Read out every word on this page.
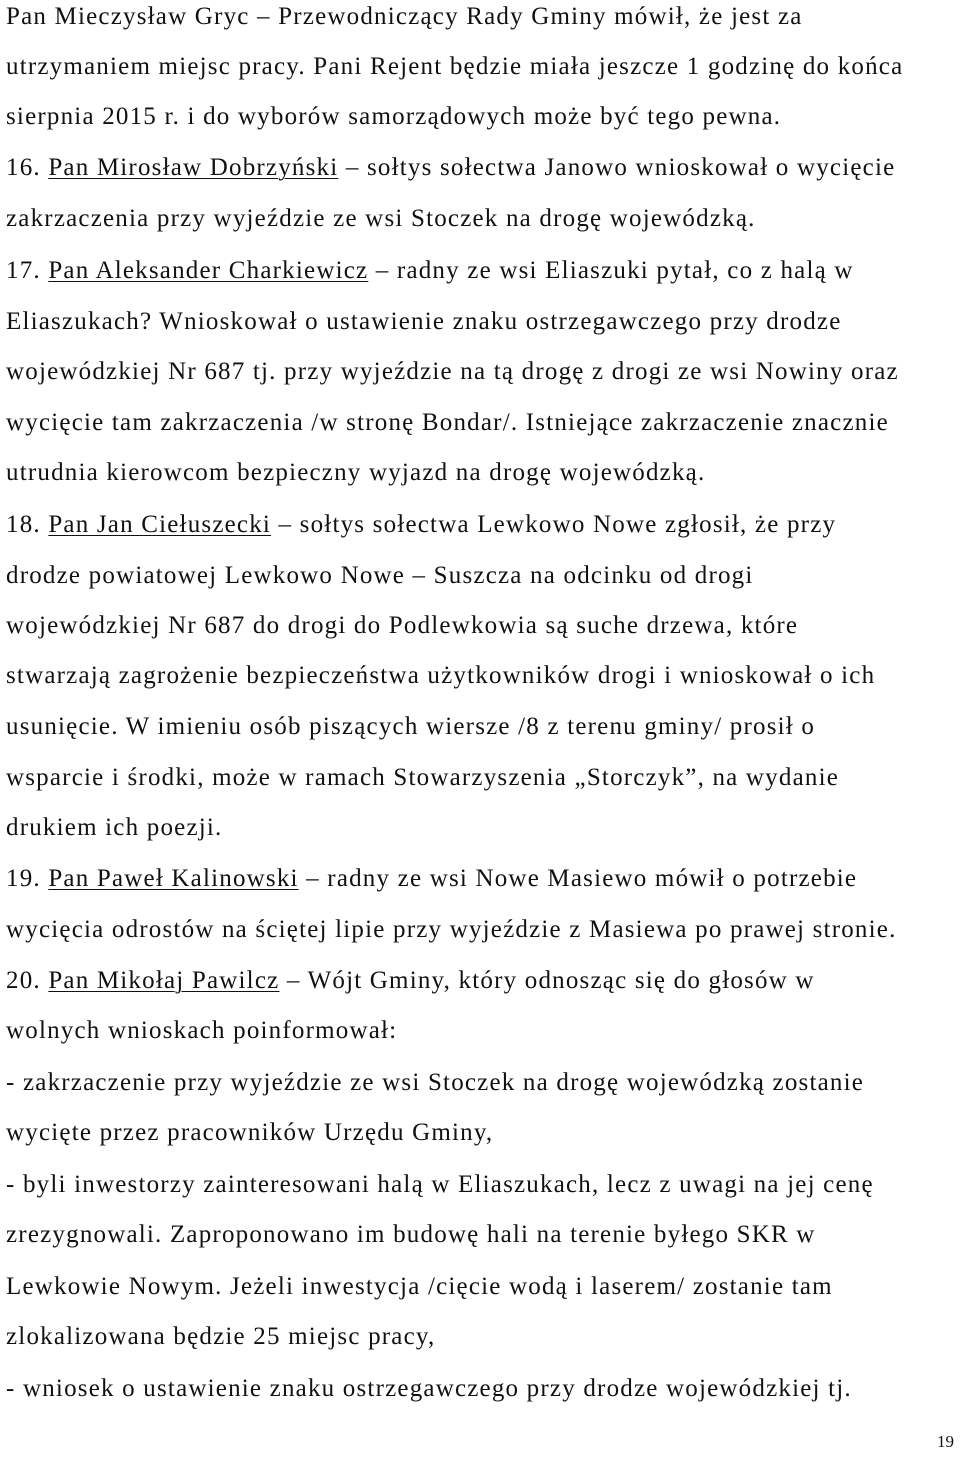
Pan Mieczysław Gryc – Przewodniczący Rady Gminy mówił, że jest za
utrzymaniem miejsc pracy. Pani Rejent będzie miała jeszcze 1 godzinę do końca
sierpnia 2015 r. i do wyborów samorządowych może być tego pewna.
16. Pan Mirosław Dobrzyński – sołtys sołectwa Janowo wnioskował o wycięcie
zakrzaczenia przy wyjeździe ze wsi Stoczek na drogę wojewódzką.
17. Pan Aleksander Charkiewicz – radny ze wsi Eliaszuki pytał, co z halą w
Eliaszukach? Wnioskował o ustawienie znaku ostrzegawczego przy drodze
wojewódzkiej Nr 687 tj. przy wyjeździe na tą drogę z drogi ze wsi Nowiny oraz
wycięcie tam zakrzaczenia /w stronę Bondar/. Istniejące zakrzaczenie znacznie
utrudnia kierowcom bezpieczny wyjazd na drogę wojewódzką.
18. Pan Jan Ciełuszecki – sołtys sołectwa Lewkowo Nowe zgłosił, że przy
drodze powiatowej Lewkowo Nowe – Suszcza na odcinku od drogi
wojewódzkiej Nr 687 do drogi do Podlewkowia są suche drzewa, które
stwarzają zagrożenie bezpieczeństwa użytkowników drogi i wnioskował o ich
usunięcie. W imieniu osób piszących wiersze /8 z terenu gminy/ prosił o
wsparcie i środki, może w ramach Stowarzyszenia „Storczyk”, na wydanie
drukiem ich poezji.
19. Pan Paweł Kalinowski – radny ze wsi Nowe Masiewo mówił o potrzebie
wycięcia odrostów na ściętej lipie przy wyjeździe z Masiewa po prawej stronie.
20. Pan Mikołaj Pawilcz – Wójt Gminy, który odnosząc się do głosów w
wolnych wnioskach poinformował:
- zakrzaczenie przy wyjeździe ze wsi Stoczek na drogę wojewódzką zostanie
wycięte przez pracowników Urzędu Gminy,
- byli inwestorzy zainteresowani halą w Eliaszukach, lecz z uwagi na jej cenę
zrezygnowali. Zaproponowano im budowę hali na terenie byłego SKR w
Lewkowie Nowym. Jeżeli inwestycja /cięcie wodą i laserem/ zostanie tam
zlokalizowana będzie 25 miejsc pracy,
- wniosek o ustawienie znaku ostrzegawczego przy drodze wojewódzkiej tj.
19
